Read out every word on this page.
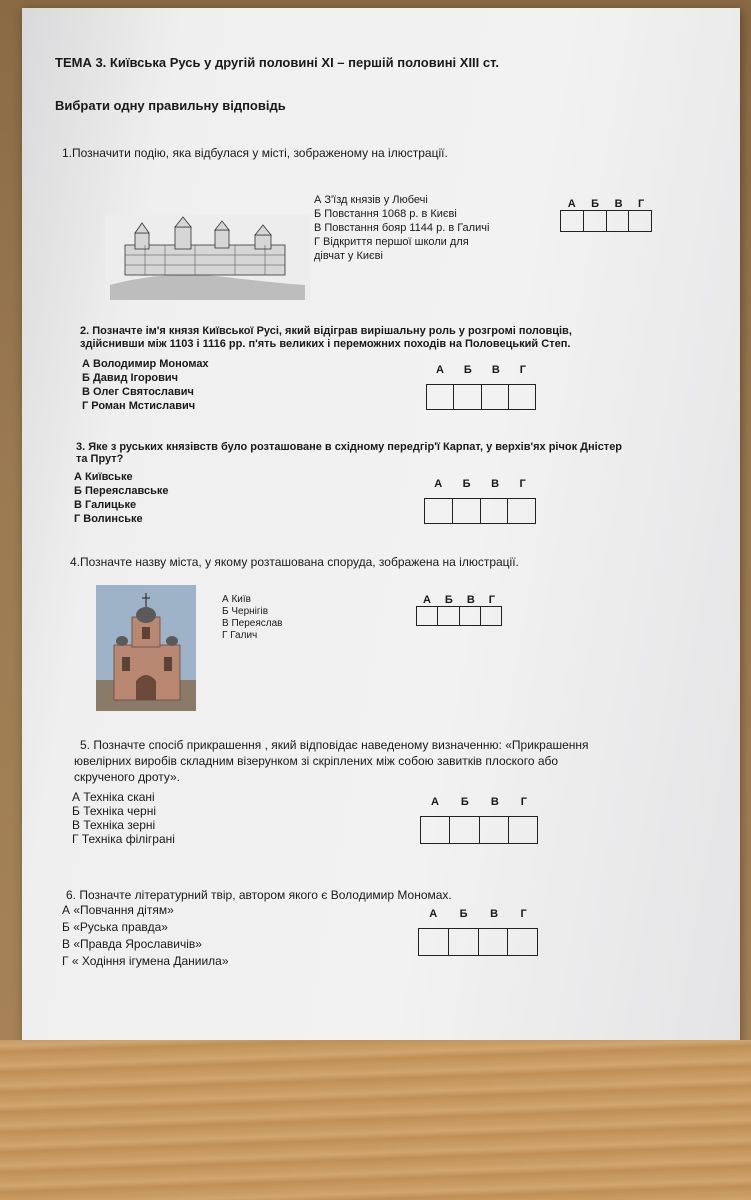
ТЕМА 3. Київська Русь у другій половині ХІ – першій половині ХІІІ ст.
Вибрати одну правильну відповідь
1.Позначити подію, яка відбулася у місті, зображеному на ілюстрації.
А З'їзд князів у Любечі
Б Повстання 1068 р. в Києві
В Повстання бояр 1144 р. в Галичі
Г Відкриття першої школи для
дівчат у Києві
А Б В Г
2. Позначте ім'я князя Київської Русі, який відіграв вирішальну роль у розгромі половців,
здійснивши між 1103 і 1116 рр. п'ять великих і переможних походів на Половецький Степ.
А Володимир Мономах
Б Давид Ігорович
В Олег Святославич
Г Роман Мстиславич
А Б В Г
3. Яке з руських князівств було розташоване в східному передгір'ї Карпат, у верхів'ях річок Дністер
та Прут?
А Київське
Б Переяславське
В Галицьке
Г Волинське
А Б В Г
4.Позначте назву міста, у якому розташована споруда, зображена на ілюстрації.
А Київ
Б Чернігів
В Переяслав
Г Галич
А Б В Г
5. Позначте спосіб прикрашення , який відповідає наведеному визначенню: «Прикрашення
ювелірних виробів складним візерунком зі скріплених між собою завитків плоского або
скрученого дроту».
А Техніка скані
Б Техніка черні
В Техніка зерні
Г Техніка філіграні
А Б В Г
6. Позначте літературний твір, автором якого є Володимир Мономах.
А «Повчання дітям»
Б «Руська правда»
В «Правда Ярославичів»
Г « Ходіння ігумена Даниила»
А Б В Г
